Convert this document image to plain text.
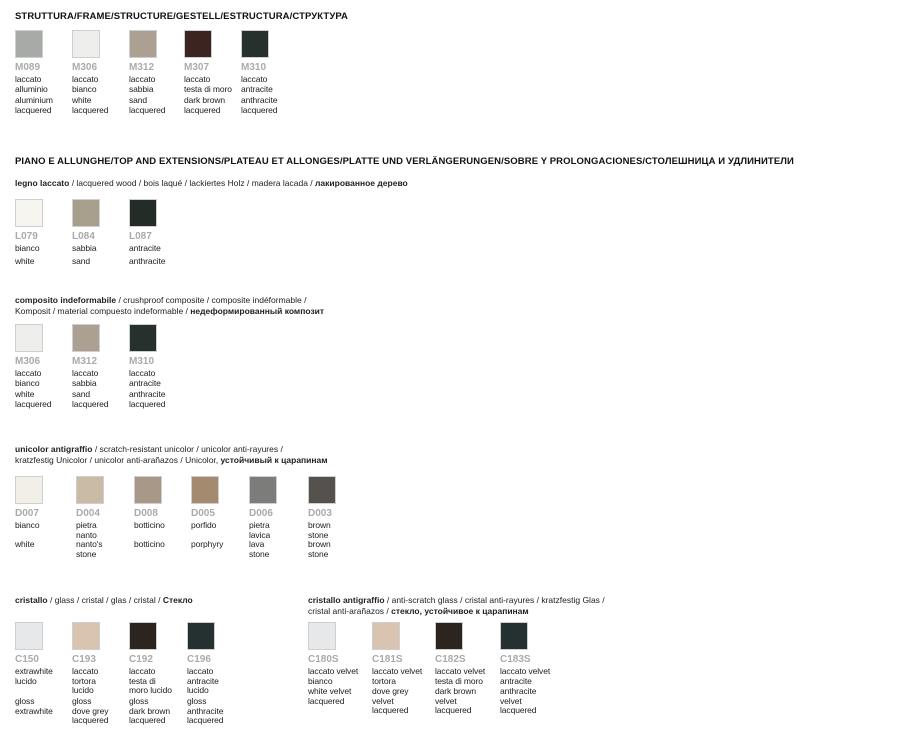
STRUTTURA/FRAME/STRUCTURE/GESTELL/ESTRUCTURA/СТРУКТУРА
PIANO E ALLUNGHE/TOP AND EXTENSIONS/PLATEAU ET ALLONGES/PLATTE UND VERLÄNGERUNGEN/SOBRE Y PROLONGACIONES/СТОЛЕШНИЦА И УДЛИНИТЕЛИ
legno laccato / lacquered wood / bois laqué / lackiertes Holz / madera lacada / лакированное дерево
composito indeformabile / crushproof composite / composite indéformable /
Komposit / material compuesto indeformable / недеформированный композит
unicolor antigraffio / scratch-resistant unicolor / unicolor anti-rayures /
kratzfestig Unicolor / unicolor anti-arañazos / Unicolor, устойчивый к царапинам
cristallo / glass / cristal / glas / cristal / Стекло	cristallo antigraffio / anti-scratch glass / cristal anti-rayures / kratzfestig Glas /
cristal anti-arañazos / стекло, устойчивое к царапинам
M089
laccato
alluminio
aluminium
lacquered
M306
laccato
bianco
white
lacquered
M312
laccato
sabbia
sand
lacquered
M307
laccato
testa di moro
dark brown
lacquered
M310
laccato
antracite
anthracite
lacquered
L079
bianco
white
L084
sabbia
sand
L087
antracite
anthracite
M306
laccato
bianco
white
lacquered
M312
laccato
sabbia
sand
lacquered
M310
laccato
antracite
anthracite
lacquered
D007
bianco
white
D004
pietra
nanto
nanto's
stone
D008
botticino
botticino
D005
porfido
porphyry
D006
pietra
lavica
lava
stone
D003
brown
stone
brown
stone
C150
extrawhite
lucido
gloss
extrawhite
C193
laccato
tortora
lucido
gloss
dove grey
lacquered
C192
laccato
testa di
moro lucido
gloss
dark brown
lacquered
C196
laccato
antracite
lucido
gloss
anthracite
lacquered
C180S
laccato velvet
bianco
white velvet
lacquered
C181S
laccato velvet
tortora
dove grey
velvet
lacquered
C182S
laccato velvet
testa di moro
dark brown
velvet
lacquered
C183S
laccato velvet
antracite
anthracite
velvet
lacquered
